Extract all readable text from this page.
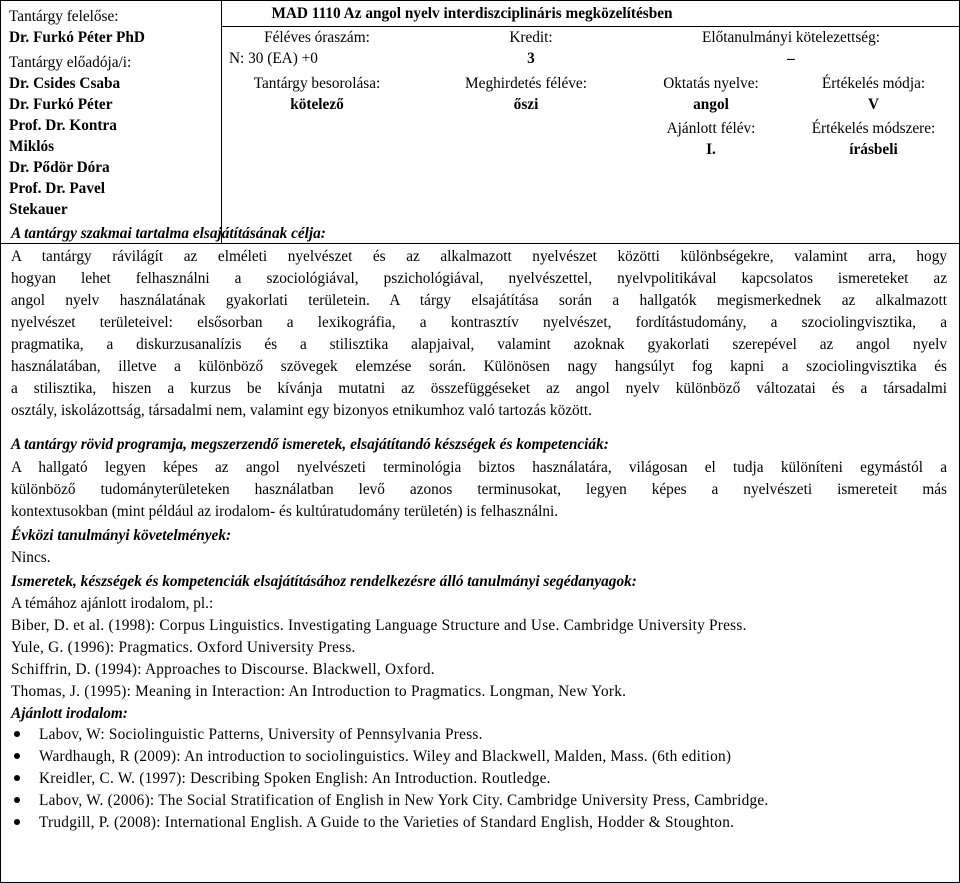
Tantárgy felelőse:
Dr. Furkó Péter PhD
Tantárgy előadója/i:
Dr. Csides Csaba
Dr. Furkó Péter
Prof. Dr. Kontra
Miklós
Dr. Pődör Dóra
Prof. Dr. Pavel
Stekauer
MAD 1110 Az angol nyelv interdiszciplináris megközelítésben
Féléves óraszám:
N: 30 (EA) +0
Kredit:
3
Előtanulmányi kötelezettség:
–
Tantárgy besorolása:
kötelező
Meghirdetés féléve:
őszi
Oktatás nyelve:
angol
Értékelés módja:
V
Ajánlott félév:
I.
Értékelés módszere:
írásbeli
A tantárgy szakmai tartalma elsajátításának célja:
A tantárgy rávilágít az elméleti nyelvészet és az alkalmazott nyelvészet közötti különbségekre, valamint arra, hogy
hogyan lehet felhasználni a szociológiával, pszichológiával, nyelvészettel, nyelvpolitikával kapcsolatos ismereteket az
angol nyelv használatának gyakorlati területein. A tárgy elsajátítása során a hallgatók megismerkednek az alkalmazott
nyelvészet területeivel: elsősorban a lexikográfia, a kontrasztív nyelvészet, fordítástudomány, a szociolingvisztika, a
pragmatika, a diskurzusanalízis és a stilisztika alapjaival, valamint azoknak gyakorlati szerepével az angol nyelv
használatában, illetve a különböző szövegek elemzése során. Különösen nagy hangsúlyt fog kapni a szociolingvisztika és
a stilisztika, hiszen a kurzus be kívánja mutatni az összefüggéseket az angol nyelv különböző változatai és a társadalmi
osztály, iskolázottság, társadalmi nem, valamint egy bizonyos etnikumhoz való tartozás között.
A tantárgy rövid programja, megszerzendő ismeretek, elsajátítandó készségek és kompetenciák:
A hallgató legyen képes az angol nyelvészeti terminológia biztos használatára, világosan el tudja különíteni egymástól a
különböző tudományterületeken használatban levő azonos terminusokat, legyen képes a nyelvészeti ismereteit más
kontextusokban (mint például az irodalom- és kultúratudomány területén) is felhasználni.
Évközi tanulmányi követelmények:
Nincs.
Ismeretek, készségek és kompetenciák elsajátításához rendelkezésre álló tanulmányi segédanyagok:
A témához ajánlott irodalom, pl.:
Biber, D. et al. (1998): Corpus Linguistics. Investigating Language Structure and Use. Cambridge University Press.
Yule, G. (1996): Pragmatics. Oxford University Press.
Schiffrin, D. (1994): Approaches to Discourse. Blackwell, Oxford.
Thomas, J. (1995): Meaning in Interaction: An Introduction to Pragmatics. Longman, New York.
Ajánlott irodalom:
Labov, W: Sociolinguistic Patterns, University of Pennsylvania Press.
Wardhaugh, R (2009): An introduction to sociolinguistics. Wiley and Blackwell, Malden, Mass. (6th edition)
Kreidler, C. W. (1997): Describing Spoken English: An Introduction. Routledge.
Labov, W. (2006): The Social Stratification of English in New York City. Cambridge University Press, Cambridge.
Trudgill, P. (2008): International English. A Guide to the Varieties of Standard English, Hodder & Stoughton.
